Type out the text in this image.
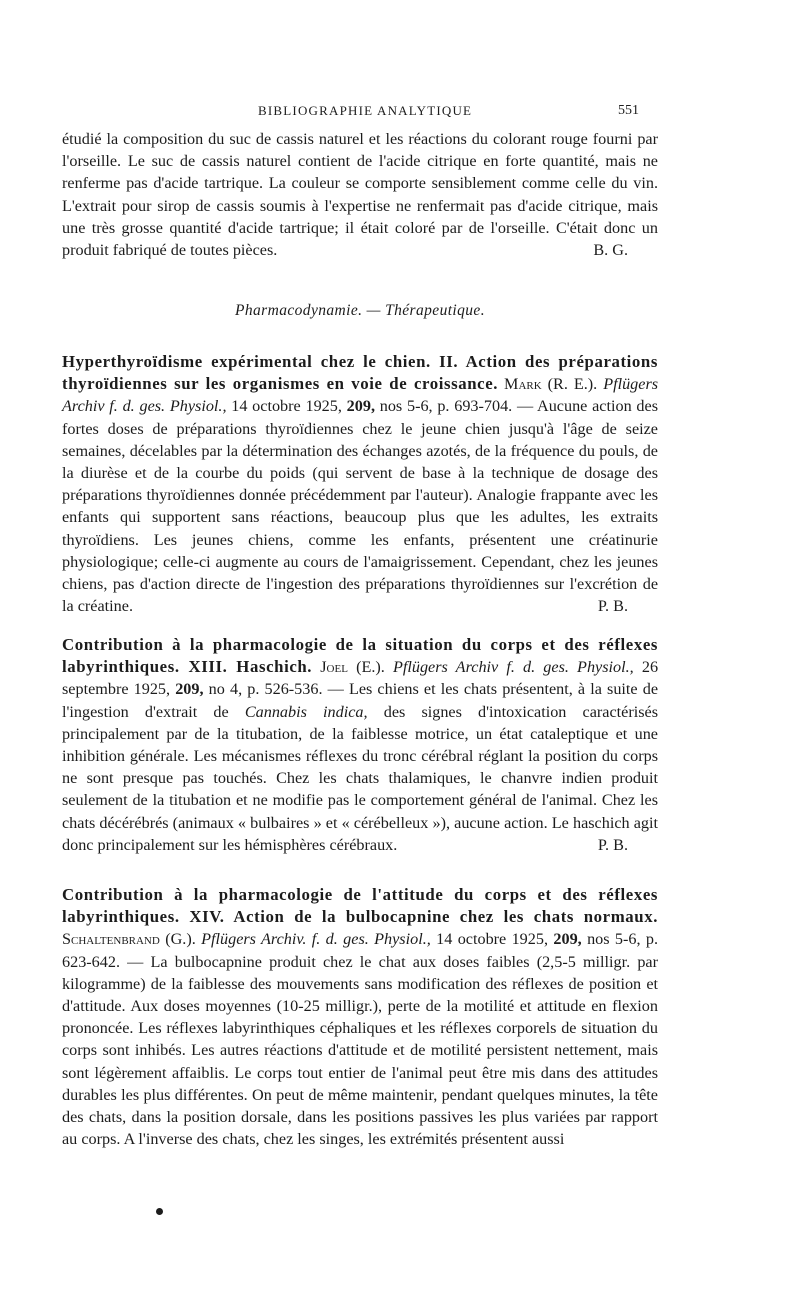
BIBLIOGRAPHIE ANALYTIQUE	551
étudié la composition du suc de cassis naturel et les réactions du colorant rouge fourni par l'orseille. Le suc de cassis naturel contient de l'acide citrique en forte quantité, mais ne renferme pas d'acide tartrique. La couleur se comporte sensiblement comme celle du vin. L'extrait pour sirop de cassis soumis à l'expertise ne renfermait pas d'acide citrique, mais une très grosse quantité d'acide tartrique; il était coloré par de l'orseille. C'était donc un produit fabriqué de toutes pièces.	B. G.
Pharmacodynamie. — Thérapeutique.
Hyperthyroïdisme expérimental chez le chien. II. Action des préparations thyroïdiennes sur les organismes en voie de croissance. Mark (R. E.). Pflügers Archiv f. d. ges. Physiol., 14 octobre 1925, 209, nos 5-6, p. 693-704. — Aucune action des fortes doses de préparations thyroïdiennes chez le jeune chien jusqu'à l'âge de seize semaines, décelables par la détermination des échanges azotés, de la fréquence du pouls, de la diurèse et de la courbe du poids (qui servent de base à la technique de dosage des préparations thyroïdiennes donnée précédemment par l'auteur). Analogie frappante avec les enfants qui supportent sans réactions, beaucoup plus que les adultes, les extraits thyroïdiens. Les jeunes chiens, comme les enfants, présentent une créatinurie physiologique; celle-ci augmente au cours de l'amaigrissement. Cependant, chez les jeunes chiens, pas d'action directe de l'ingestion des préparations thyroïdiennes sur l'excrétion de la créatine.	P. B.
Contribution à la pharmacologie de la situation du corps et des réflexes labyrinthiques. XIII. Haschich. Joel (E.). Pflügers Archiv f. d. ges. Physiol., 26 septembre 1925, 209, no 4, p. 526-536. — Les chiens et les chats présentent, à la suite de l'ingestion d'extrait de Cannabis indica, des signes d'intoxication caractérisés principalement par de la titubation, de la faiblesse motrice, un état cataleptique et une inhibition générale. Les mécanismes réflexes du tronc cérébral réglant la position du corps ne sont presque pas touchés. Chez les chats thalamiques, le chanvre indien produit seulement de la titubation et ne modifie pas le comportement général de l'animal. Chez les chats décérébrés (animaux « bulbaires » et « cérébelleux »), aucune action. Le haschich agit donc principalement sur les hémisphères cérébraux.	P. B.
Contribution à la pharmacologie de l'attitude du corps et des réflexes labyrinthiques. XIV. Action de la bulbocapnine chez les chats normaux. Schaltenbrand (G.). Pflügers Archiv. f. d. ges. Physiol., 14 octobre 1925, 209, nos 5-6, p. 623-642. — La bulbocapnine produit chez le chat aux doses faibles (2,5-5 milligr. par kilogramme) de la faiblesse des mouvements sans modification des réflexes de position et d'attitude. Aux doses moyennes (10-25 milligr.), perte de la motilité et attitude en flexion prononcée. Les réflexes labyrinthiques céphaliques et les réflexes corporels de situation du corps sont inhibés. Les autres réactions d'attitude et de motilité persistent nettement, mais sont légèrement affaiblis. Le corps tout entier de l'animal peut être mis dans des attitudes durables les plus différentes. On peut de même maintenir, pendant quelques minutes, la tête des chats, dans la position dorsale, dans les positions passives les plus variées par rapport au corps. A l'inverse des chats, chez les singes, les extrémités présentent aussi
